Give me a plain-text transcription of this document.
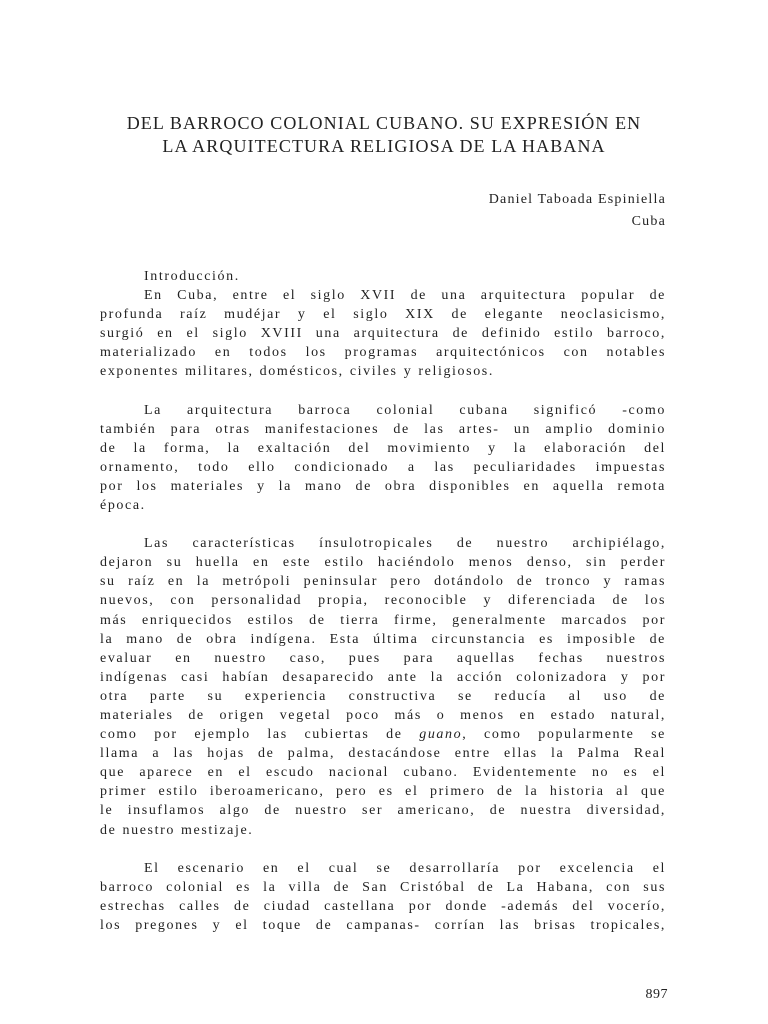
DEL BARROCO COLONIAL CUBANO. SU EXPRESIÓN EN
LA ARQUITECTURA RELIGIOSA DE LA HABANA
Daniel Taboada Espiniella
Cuba

Introducción.

En Cuba, entre el siglo XVII de una arquitectura popular de
profunda raíz mudéjar y el siglo XIX de elegante neoclasicismo,
surgió en el siglo XVIII una arquitectura de definido estilo barroco,
materializado en todos los programas arquitectónicos con notables
exponentes militares, domésticos, civiles y religiosos.
La arquitectura barroca colonial cubana significó -como
también para otras manifestaciones de las artes- un amplio dominio
de la forma, la exaltación del movimiento y la elaboración del
ornamento, todo ello condicionado a las peculiaridades impuestas
por los materiales y la mano de obra disponibles en aquella remota
época.
Las características ínsulotropicales de nuestro archipiélago,
dejaron su huella en este estilo haciéndolo menos denso, sin perder
su raíz en la metrópoli peninsular pero dotándolo de tronco y ramas
nuevos, con personalidad propia, reconocible y diferenciada de los
más enriquecidos estilos de tierra firme, generalmente marcados por
la mano de obra indígena. Esta última circunstancia es imposible de
evaluar en nuestro caso, pues para aquellas fechas nuestros
indígenas casi habían desaparecido ante la acción colonizadora y por
otra parte su experiencia constructiva se reducía al uso de
materiales de origen vegetal poco más o menos en estado natural,
como por ejemplo las cubiertas de guano, como popularmente se
llama a las hojas de palma, destacándose entre ellas la Palma Real
que aparece en el escudo nacional cubano. Evidentemente no es el
primer estilo iberoamericano, pero es el primero de la historia al que
le insuflamos algo de nuestro ser americano, de nuestra diversidad,
de nuestro mestizaje.
El escenario en el cual se desarrollaría por excelencia el
barroco colonial es la villa de San Cristóbal de La Habana, con sus
estrechas calles de ciudad castellana por donde -además del vocerío,
los pregones y el toque de campanas- corrían las brisas tropicales,
897
